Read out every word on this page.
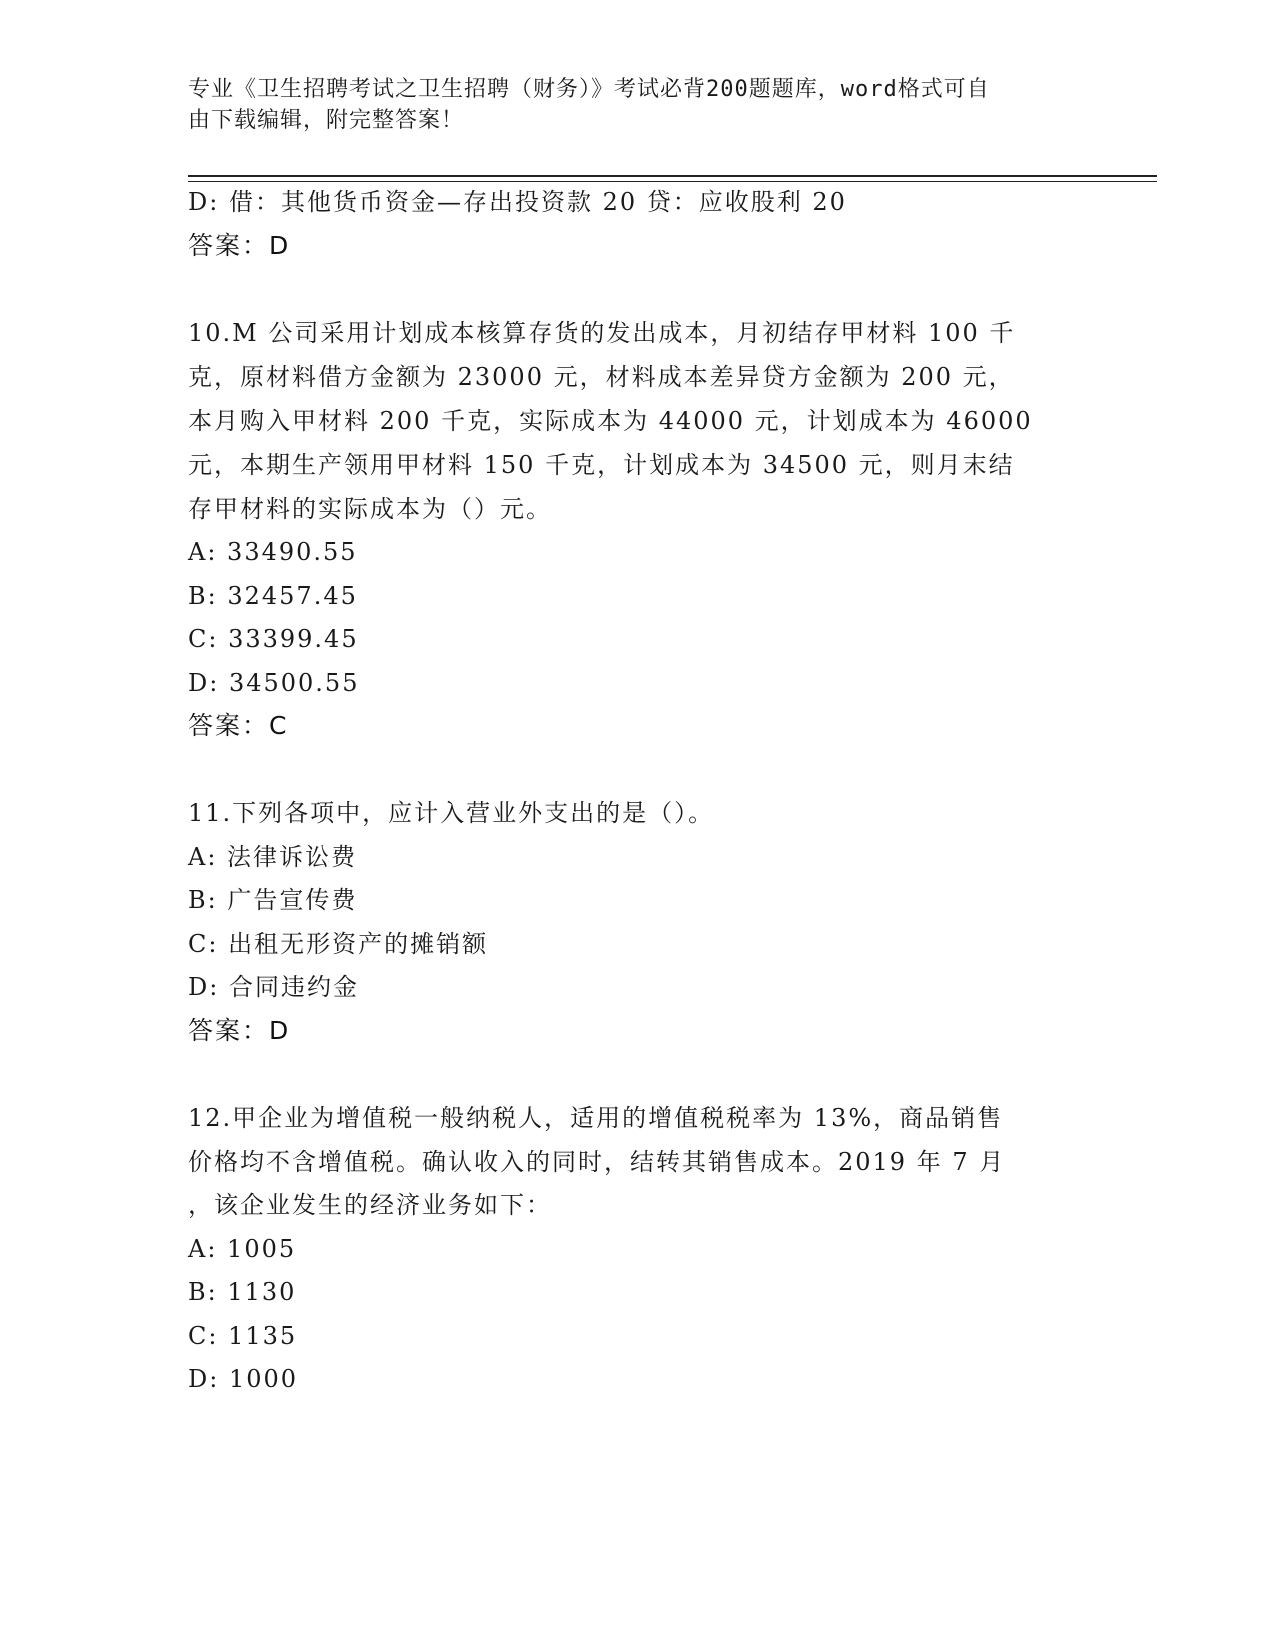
专业《卫生招聘考试之卫生招聘（财务）》考试必背200题题库，word格式可自
由下载编辑，附完整答案！
D: 借：其他货币资金—存出投资款 20 贷：应收股利 20
答案：D
10.M 公司采用计划成本核算存货的发出成本，月初结存甲材料 100 千
克，原材料借方金额为 23000 元，材料成本差异贷方金额为 200 元，
本月购入甲材料 200 千克，实际成本为 44000 元，计划成本为 46000
元，本期生产领用甲材料 150 千克，计划成本为 34500 元，则月末结
存甲材料的实际成本为（）元。
A: 33490.55
B: 32457.45
C: 33399.45
D: 34500.55
答案：C
11.下列各项中，应计入营业外支出的是（）。
A: 法律诉讼费
B: 广告宣传费
C: 出租无形资产的摊销额
D: 合同违约金
答案：D
12.甲企业为增值税一般纳税人，适用的增值税税率为 13%，商品销售
价格均不含增值税。确认收入的同时，结转其销售成本。2019 年 7 月
，该企业发生的经济业务如下：
A: 1005
B: 1130
C: 1135
D: 1000
